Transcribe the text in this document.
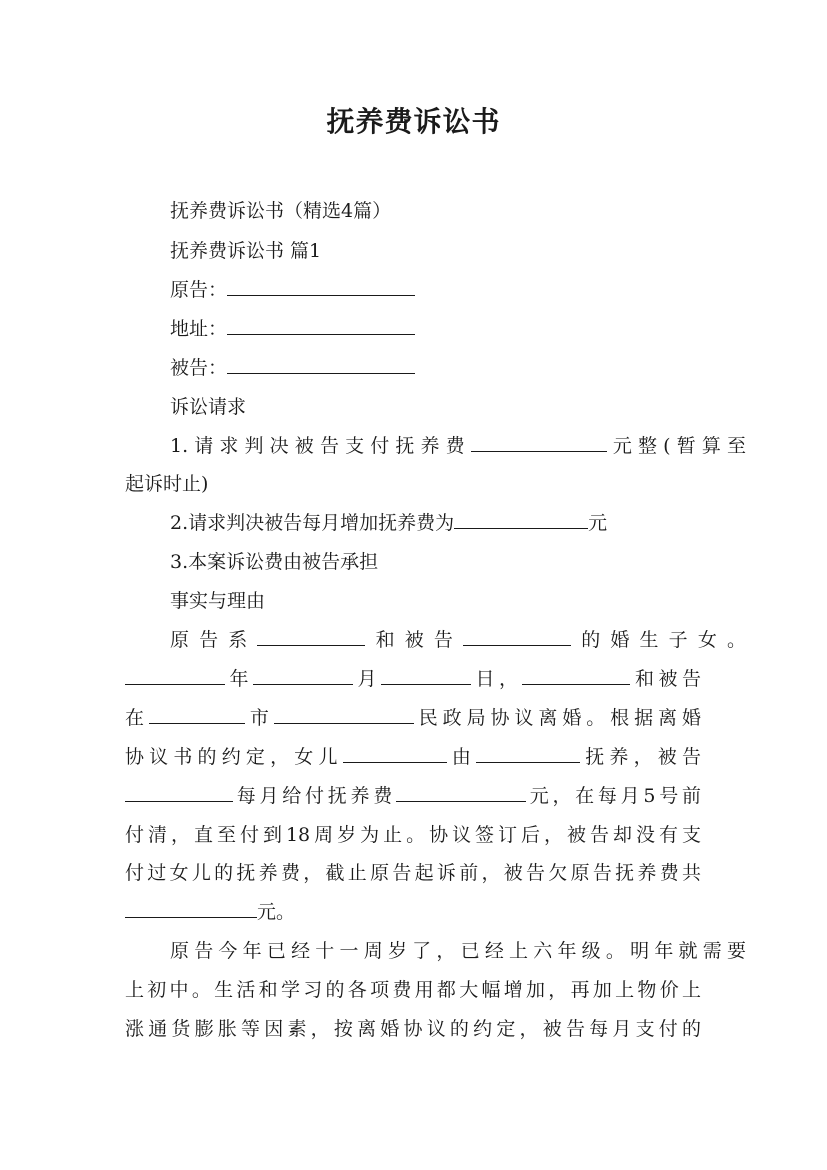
抚养费诉讼书
抚养费诉讼书（精选4篇）
抚养费诉讼书 篇1
原告：
地址：
被告：
诉讼请求
1.请求判决被告支付抚养费	元整(暂算至
起诉时止)
2.请求判决被告每月增加抚养费为	元
3.本案诉讼费由被告承担
事实与理由
原告系	和被告	的婚生子女。
年	月	日，	和被告
在	市	民政局协议离婚。根据离婚
协议书的约定，女儿	由	抚养，被告
每月给付抚养费	元，在每月5号前
付清，直至付到18周岁为止。协议签订后，被告却没有支
付过女儿的抚养费，截止原告起诉前，被告欠原告抚养费共
元。
原告今年已经十一周岁了，已经上六年级。明年就需要
上初中。生活和学习的各项费用都大幅增加，再加上物价上
涨通货膨胀等因素，按离婚协议的约定，被告每月支付的
